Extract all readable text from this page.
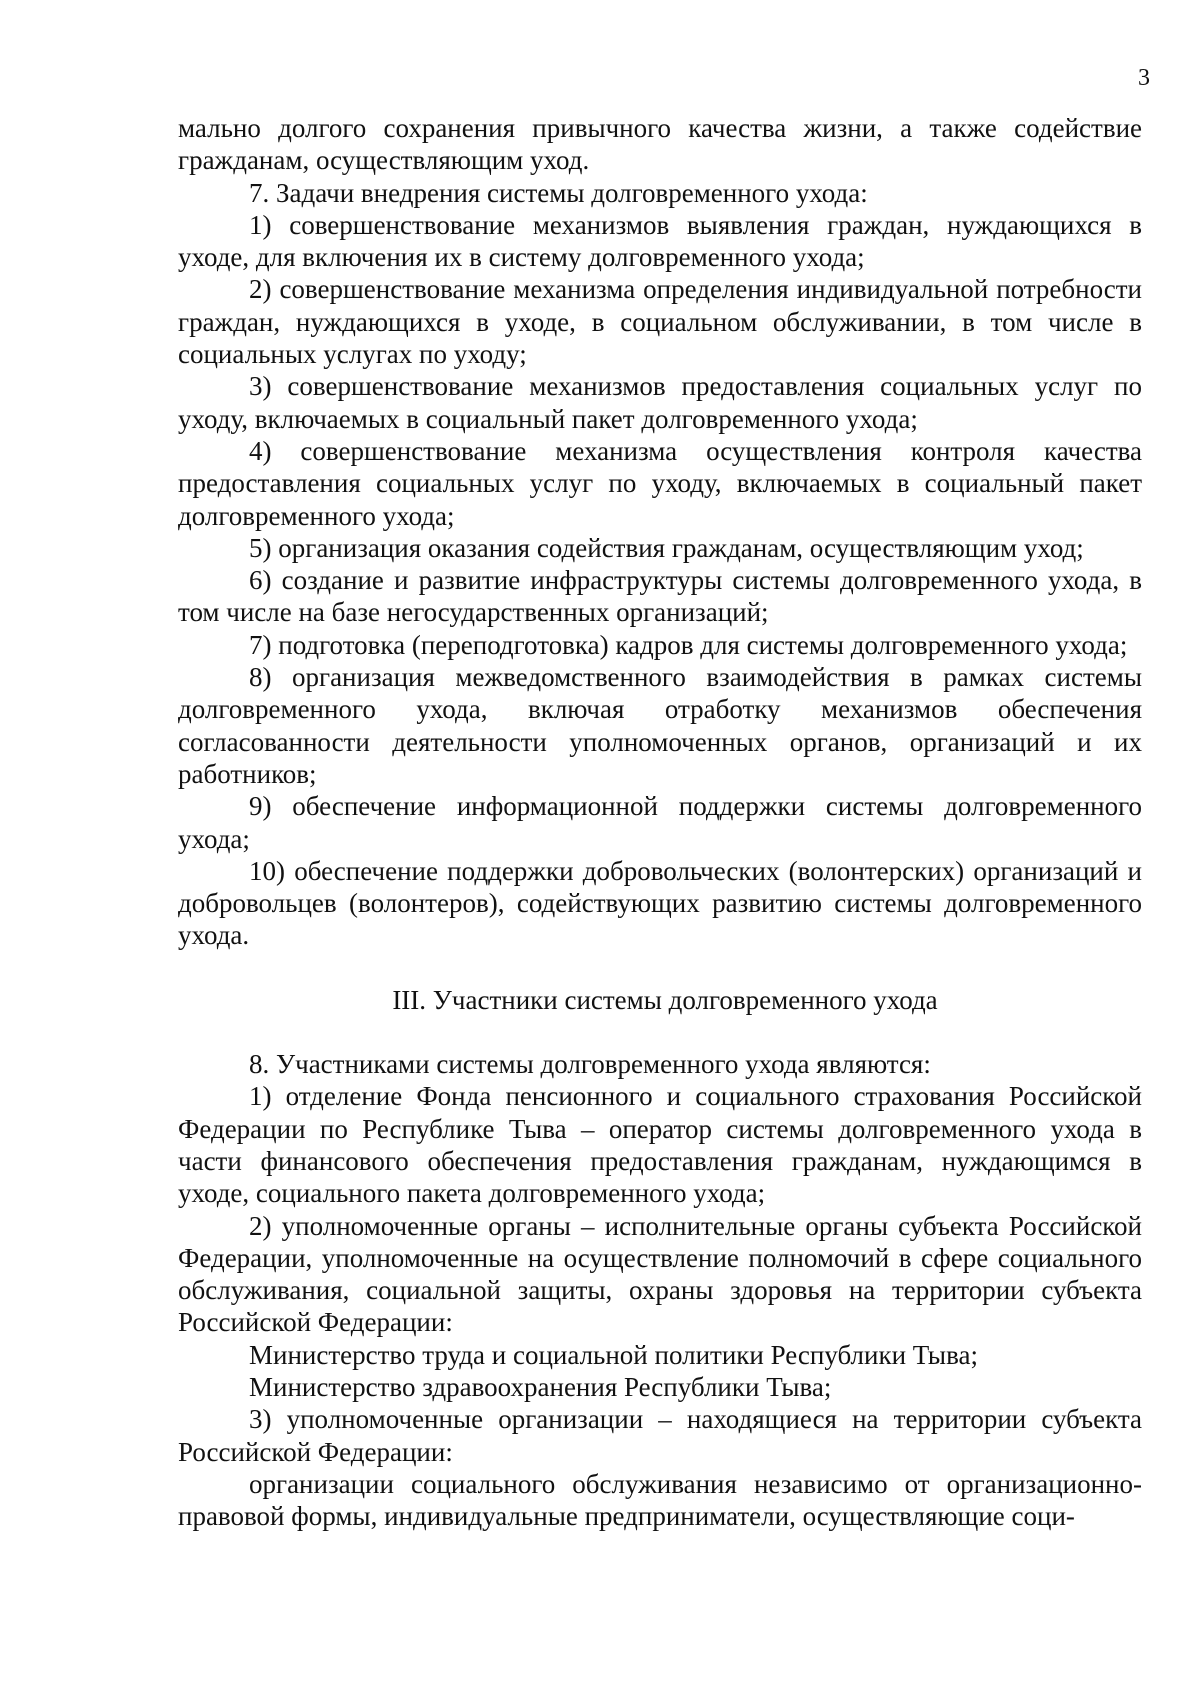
3

мально долгого сохранения привычного качества жизни, а также содействие гражданам, осуществляющим уход.

7. Задачи внедрения системы долговременного ухода:

1) совершенствование механизмов выявления граждан, нуждающихся в уходе, для включения их в систему долговременного ухода;

2) совершенствование механизма определения индивидуальной потребности граждан, нуждающихся в уходе, в социальном обслуживании, в том числе в социальных услугах по уходу;

3) совершенствование механизмов предоставления социальных услуг по уходу, включаемых в социальный пакет долговременного ухода;

4) совершенствование механизма осуществления контроля качества предоставления социальных услуг по уходу, включаемых в социальный пакет долговременного ухода;

5) организация оказания содействия гражданам, осуществляющим уход;

6) создание и развитие инфраструктуры системы долговременного ухода, в том числе на базе негосударственных организаций;

7) подготовка (переподготовка) кадров для системы долговременного ухода;

8) организация межведомственного взаимодействия в рамках системы долговременного ухода, включая отработку механизмов обеспечения согласованности деятельности уполномоченных органов, организаций и их работников;

9) обеспечение информационной поддержки системы долговременного ухода;

10) обеспечение поддержки добровольческих (волонтерских) организаций и добровольцев (волонтеров), содействующих развитию системы долговременного ухода.

III. Участники системы долговременного ухода

8. Участниками системы долговременного ухода являются:

1) отделение Фонда пенсионного и социального страхования Российской Федерации по Республике Тыва – оператор системы долговременного ухода в части финансового обеспечения предоставления гражданам, нуждающимся в уходе, социального пакета долговременного ухода;

2) уполномоченные органы – исполнительные органы субъекта Российской Федерации, уполномоченные на осуществление полномочий в сфере социального обслуживания, социальной защиты, охраны здоровья на территории субъекта Российской Федерации:

Министерство труда и социальной политики Республики Тыва;

Министерство здравоохранения Республики Тыва;

3) уполномоченные организации – находящиеся на территории субъекта Российской Федерации:

организации социального обслуживания независимо от организационно-правовой формы, индивидуальные предприниматели, осуществляющие соци-
